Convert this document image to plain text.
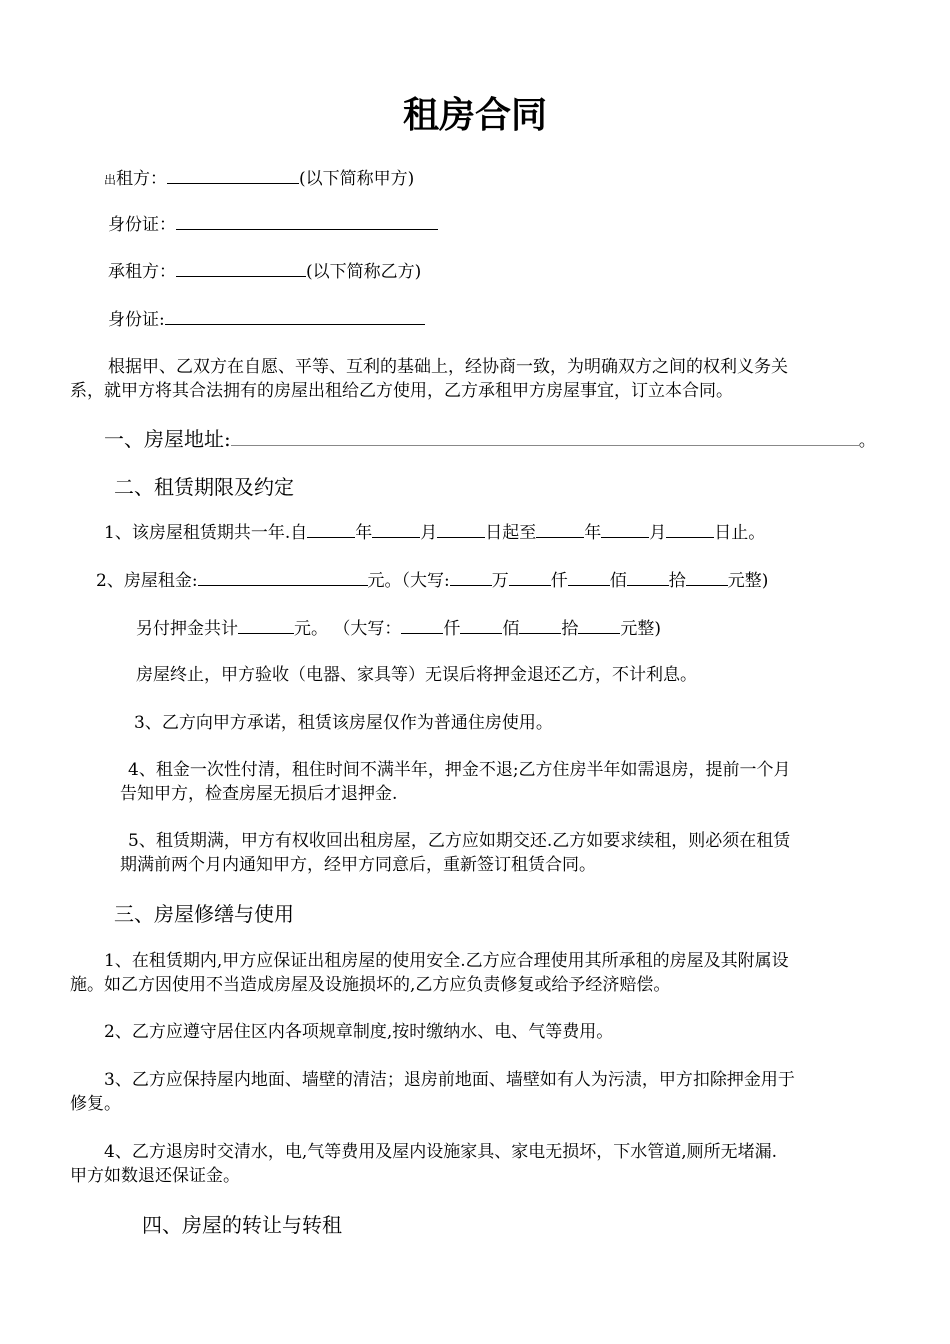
租房合同
出租方：	(以下简称甲方)
身份证：
承租方：	(以下简称乙方)
身份证:
根据甲、乙双方在自愿、平等、互利的基础上，经协商一致，为明确双方之间的权利义务关
系，就甲方将其合法拥有的房屋出租给乙方使用，乙方承租甲方房屋事宜，订立本合同。
一、房屋地址:	。
二、租赁期限及约定
1、该房屋租赁期共一年.自	年	月	日起至	年	月	日止。
2、房屋租金:	元。（大写: 万 仟 佰 拾 元整)
另付押金共计	元。 （大写： 仟 佰 拾 元整)
房屋终止，甲方验收（电器、家具等）无误后将押金退还乙方，不计利息。
3、乙方向甲方承诺，租赁该房屋仅作为普通住房使用。
4、租金一次性付清，租住时间不满半年，押金不退;乙方住房半年如需退房，提前一个月
告知甲方，检查房屋无损后才退押金.
5、租赁期满，甲方有权收回出租房屋，乙方应如期交还.乙方如要求续租，则必须在租赁
期满前两个月内通知甲方，经甲方同意后，重新签订租赁合同。
三、房屋修缮与使用
1、在租赁期内,甲方应保证出租房屋的使用安全.乙方应合理使用其所承租的房屋及其附属设
施。如乙方因使用不当造成房屋及设施损坏的,乙方应负责修复或给予经济赔偿。
2、乙方应遵守居住区内各项规章制度,按时缴纳水、电、气等费用。
3、乙方应保持屋内地面、墙壁的清洁；退房前地面、墙壁如有人为污渍，甲方扣除押金用于
修复。
4、乙方退房时交清水，电,气等费用及屋内设施家具、家电无损坏，下水管道,厕所无堵漏.
甲方如数退还保证金。
四、房屋的转让与转租
